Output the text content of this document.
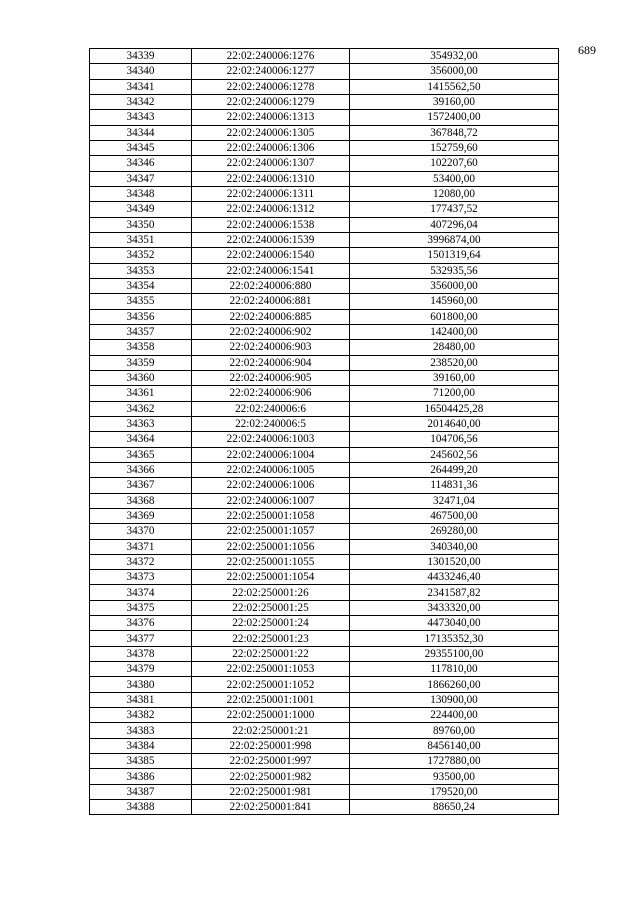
689
34339	22:02:240006:1276	354932,00
34340	22:02:240006:1277	356000,00
34341	22:02:240006:1278	1415562,50
34342	22:02:240006:1279	39160,00
34343	22:02:240006:1313	1572400,00
34344	22:02:240006:1305	367848,72
34345	22:02:240006:1306	152759,60
34346	22:02:240006:1307	102207,60
34347	22:02:240006:1310	53400,00
34348	22:02:240006:1311	12080,00
34349	22:02:240006:1312	177437,52
34350	22:02:240006:1538	407296,04
34351	22:02:240006:1539	3996874,00
34352	22:02:240006:1540	1501319,64
34353	22:02:240006:1541	532935,56
34354	22:02:240006:880	356000,00
34355	22:02:240006:881	145960,00
34356	22:02:240006:885	601800,00
34357	22:02:240006:902	142400,00
34358	22:02:240006:903	28480,00
34359	22:02:240006:904	238520,00
34360	22:02:240006:905	39160,00
34361	22:02:240006:906	71200,00
34362	22:02:240006:6	16504425,28
34363	22:02:240006:5	2014640,00
34364	22:02:240006:1003	104706,56
34365	22:02:240006:1004	245602,56
34366	22:02:240006:1005	264499,20
34367	22:02:240006:1006	114831,36
34368	22:02:240006:1007	32471,04
34369	22:02:250001:1058	467500,00
34370	22:02:250001:1057	269280,00
34371	22:02:250001:1056	340340,00
34372	22:02:250001:1055	1301520,00
34373	22:02:250001:1054	4433246,40
34374	22:02:250001:26	2341587,82
34375	22:02:250001:25	3433320,00
34376	22:02:250001:24	4473040,00
34377	22:02:250001:23	17135352,30
34378	22:02:250001:22	29355100,00
34379	22:02:250001:1053	117810,00
34380	22:02:250001:1052	1866260,00
34381	22:02:250001:1001	130900,00
34382	22:02:250001:1000	224400,00
34383	22:02:250001:21	89760,00
34384	22:02:250001:998	8456140,00
34385	22:02:250001:997	1727880,00
34386	22:02:250001:982	93500,00
34387	22:02:250001:981	179520,00
34388	22:02:250001:841	88650,24
